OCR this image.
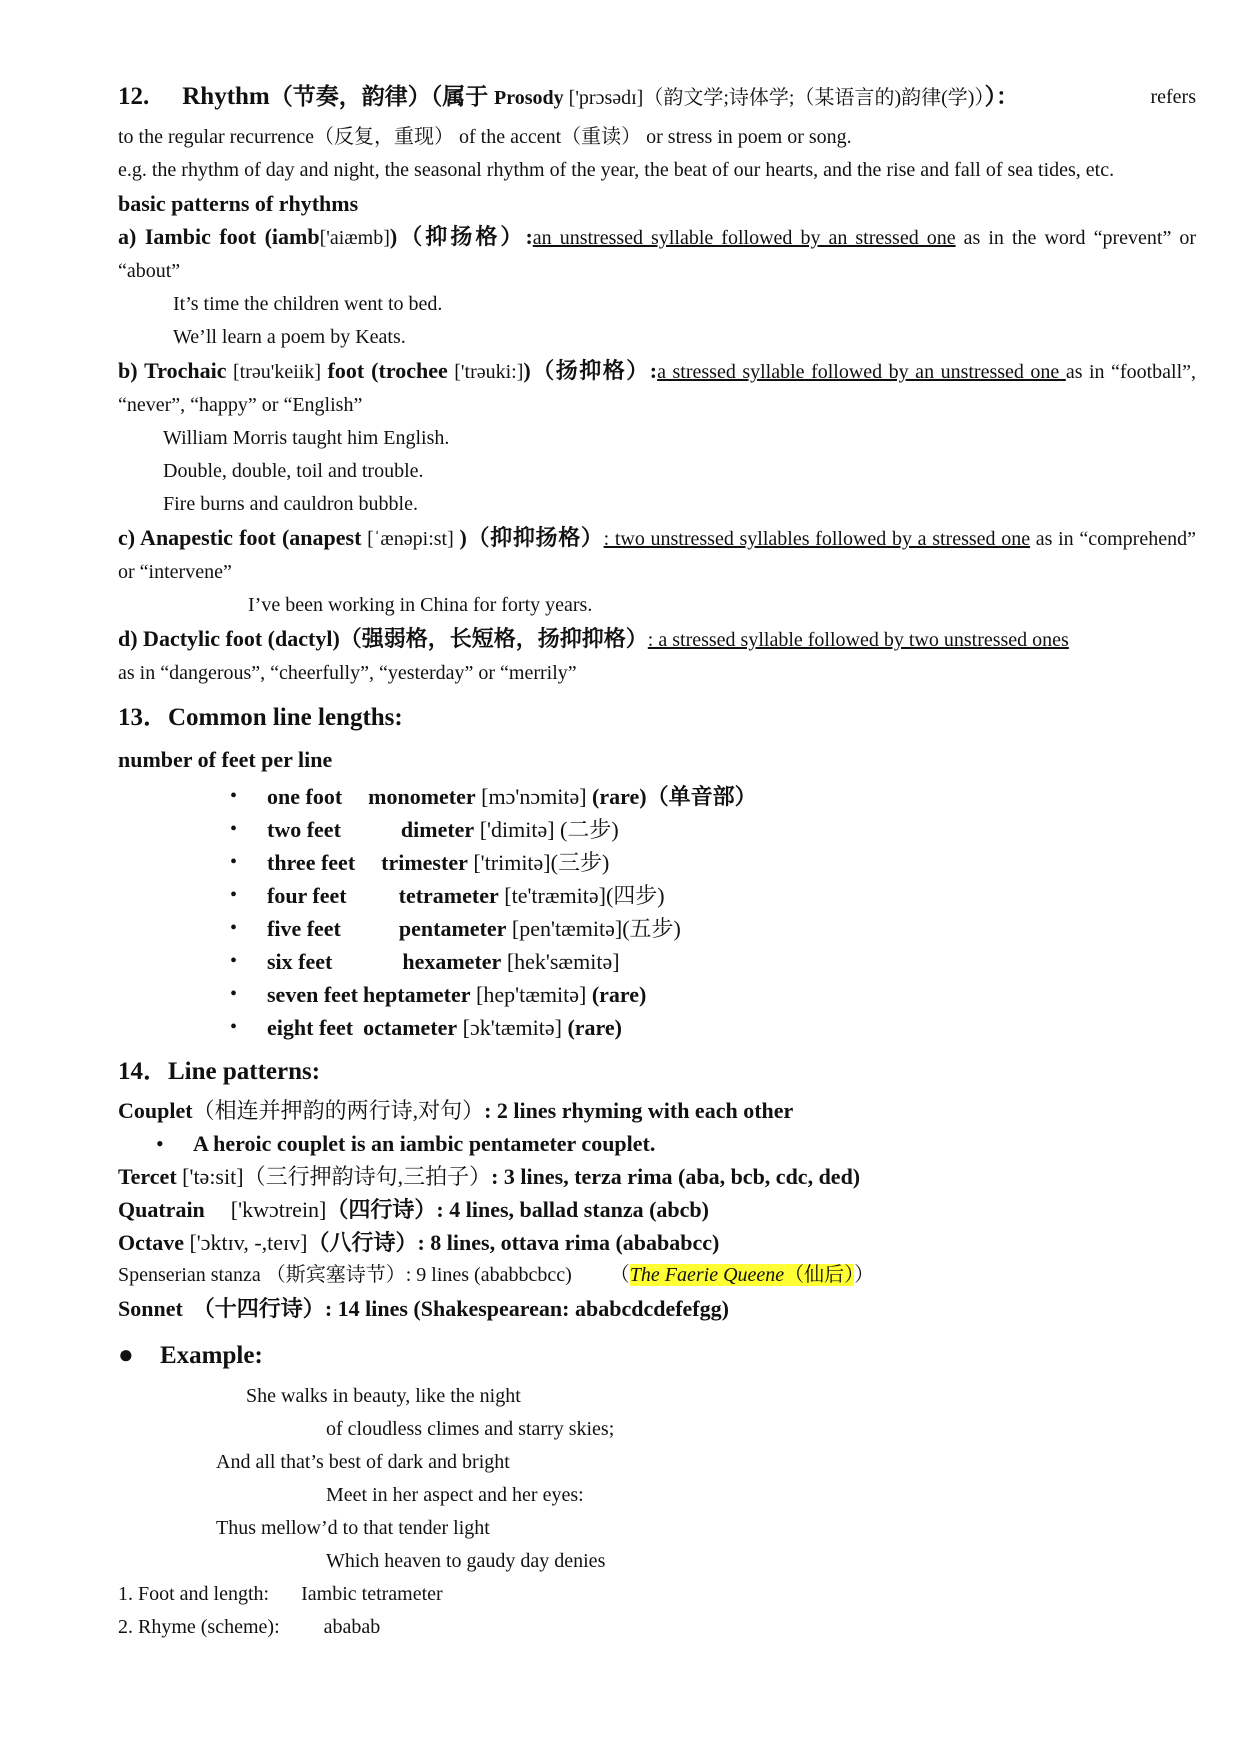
refers
12. Rhythm（节奏，韵律）（属于 Prosody ['prɔsədɪ]（韵文学;诗体学;（某语言的)韵律(学)））：

to the regular recurrence（反复，重现） of the accent（重读） or stress in poem or song.

e.g. the rhythm of day and night, the seasonal rhythm of the year, the beat of our hearts, and the rise and fall of sea tides, etc.

basic patterns of rhythms

a) Iambic foot (iamb['aiæmb])（抑扬格）:an unstressed syllable followed by an stressed one as in the word “prevent” or “about”

It’s time the children went to bed.

We’ll learn a poem by Keats.

b) Trochaic [trəu'keiik] foot (trochee ['trəuki:])（扬抑格）:a stressed syllable followed by an unstressed one as in “football”, “never”, “happy” or “English”

William Morris taught him English.

Double, double, toil and trouble.

Fire burns and cauldron bubble.

c) Anapestic foot (anapest [ˈænəpi:st] )（抑抑扬格）: two unstressed syllables followed by a stressed one as in “comprehend” or “intervene”

I’ve been working in China for forty years.

d) Dactylic foot (dactyl)（强弱格，长短格，扬抑抑格）: a stressed syllable followed by two unstressed ones

as in “dangerous”, “cheerfully”, “yesterday” or “merrily”

13．Common line lengths:

number of feet per line

• one foot monometer [mɔ'nɔmitə] (rare)（单音部）
• two feet	dimeter ['dimitə] (二步)
• three feet trimester ['trimitə](三步)
• four feet tetrameter [te'træmitə](四步)
• five feet	pentameter [pen'tæmitə](五步)
• six feet	hexameter [hek'sæmitə]
• seven feet heptameter [hep'tæmitə] (rare)
• eight feet octameter [ɔk'tæmitə] (rare)

14．Line patterns:

Couplet（相连并押韵的两行诗,对句）: 2 lines rhyming with each other

• A heroic couplet is an iambic pentameter couplet.

Tercet ['tə:sit]（三行押韵诗句,三拍子）: 3 lines, terza rima (aba, bcb, cdc, ded)

Quatrain ['kwɔtrein]（四行诗）: 4 lines, ballad stanza (abcb)

Octave ['ɔktɪv, -,teɪv]（八行诗）: 8 lines, ottava rima (abababcc)

Spenserian stanza （斯宾塞诗节）: 9 lines (ababbcbcc) （The Faerie Queene（仙后））

Sonnet （十四行诗）: 14 lines (Shakespearean: ababcdcdefefgg)

● Example:

She walks in beauty, like the night

of cloudless climes and starry skies;

And all that’s best of dark and bright

Meet in her aspect and her eyes:

Thus mellow’d to that tender light

Which heaven to gaudy day denies

1. Foot and length: Iambic tetrameter

2. Rhyme (scheme): ababab
